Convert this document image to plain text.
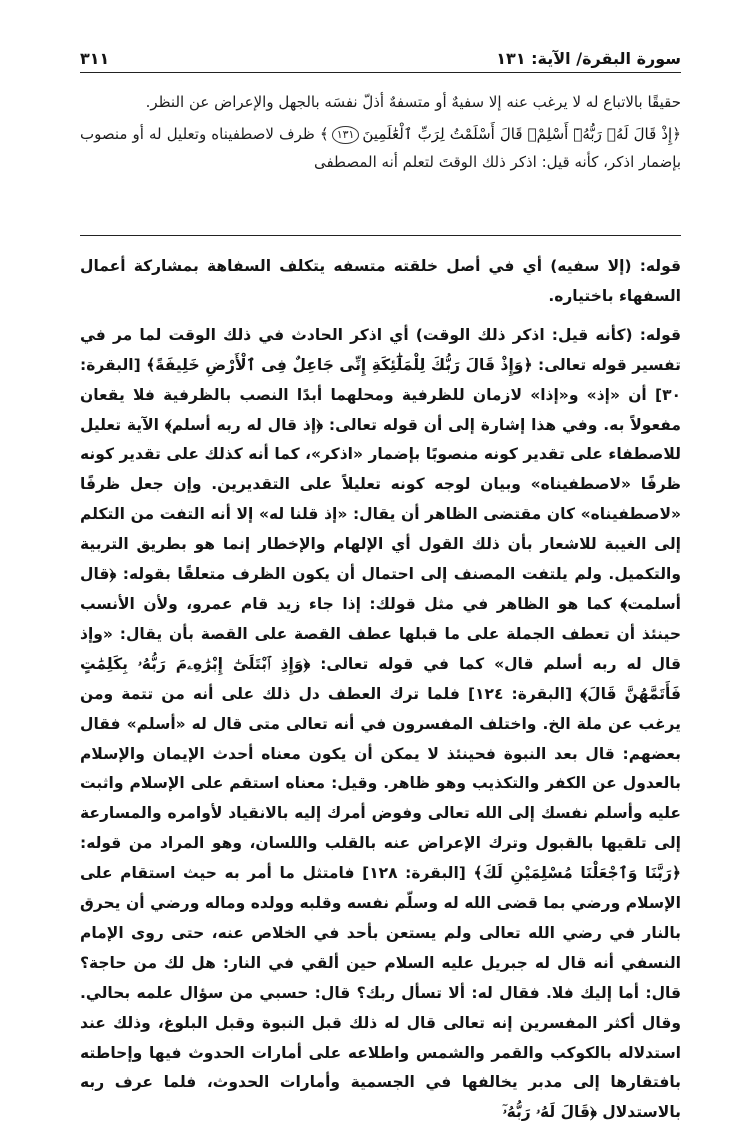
سورة البقرة/ الآية: ١٣١
٣١١

حقيقًا بالاتباع له لا يرغب عنه إلا سفيهٌ أو متسفهٌ أذلّ نفسَه بالجهل والإعراض عن النظر.

﴿إِذْ قَالَ لَهُۥ رَبُّهُۥٓ أَسْلِمْۖ قَالَ أَسْلَمْتُ لِرَبِّ ٱلْعَٰلَمِينَ١٣١﴾ ظرف لاصطفيناه وتعليل له أو منصوب بإضمار اذكر، كأنه قيل: اذكر ذلك الوقتَ لتعلم أنه المصطفى

قوله: (إلا سفيه) أي في أصل خلقته متسفه يتكلف السفاهة بمشاركة أعمال السفهاء باختياره.

قوله: (كأنه قيل: اذكر ذلك الوقت) أي اذكر الحادث في ذلك الوقت لما مر في تفسير قوله تعالى: ﴿وَإِذْ قَالَ رَبُّكَ لِلْمَلَٰٓئِكَةِ إِنِّى جَاعِلٌ فِى ٱلْأَرْضِ خَلِيفَةً﴾ [البقرة: ٣٠] أن «إذ» و«إذا» لازمان للظرفية ومحلهما أبدًا النصب بالظرفية فلا يقعان مفعولاً به. وفي هذا إشارة إلى أن قوله تعالى: ﴿إذ قال له ربه أسلم﴾ الآية تعليل للاصطفاء على تقدير كونه منصوبًا بإضمار «اذكر»، كما أنه كذلك على تقدير كونه ظرفًا «لاصطفيناه» وبيان لوجه كونه تعليلاً على التقديرين. وإن جعل ظرفًا «لاصطفيناه» كان مقتضى الظاهر أن يقال: «إذ قلنا له» إلا أنه التفت من التكلم إلى الغيبة للاشعار بأن ذلك القول أي الإلهام والإخطار إنما هو بطريق التربية والتكميل. ولم يلتفت المصنف إلى احتمال أن يكون الظرف متعلقًا بقوله: ﴿قال أسلمت﴾ كما هو الظاهر في مثل قولك: إذا جاء زيد قام عمرو، ولأن الأنسب حينئذ أن تعطف الجملة على ما قبلها عطف القصة على القصة بأن يقال: «وإذ قال له ربه أسلم قال» كما في قوله تعالى: ﴿وَإِذِ ٱبْتَلَىٰٓ إِبْرَٰهِۦمَ رَبُّهُۥ بِكَلِمَٰتٍ فَأَتَمَّهُنَّ قَالَ﴾ [البقرة: ١٢٤] فلما ترك العطف دل ذلك على أنه من تتمة ومن يرغب عن ملة الخ. واختلف المفسرون في أنه تعالى متى قال له «أسلم» فقال بعضهم: قال بعد النبوة فحينئذ لا يمكن أن يكون معناه أحدث الإيمان والإسلام بالعدول عن الكفر والتكذيب وهو ظاهر. وقيل: معناه استقم على الإسلام واثبت عليه وأسلم نفسك إلى الله تعالى وفوض أمرك إليه بالانقياد لأوامره والمسارعة إلى تلقيها بالقبول وترك الإعراض عنه بالقلب واللسان، وهو المراد من قوله: ﴿رَبَّنَا وَٱجْعَلْنَا مُسْلِمَيْنِ لَكَ﴾ [البقرة: ١٢٨] فامتثل ما أمر به حيث استقام على الإسلام ورضي بما قضى الله له وسلّم نفسه وقلبه وولده وماله ورضي أن يحرق بالنار في رضي الله تعالى ولم يستعن بأحد في الخلاص عنه، حتى روى الإمام النسفي أنه قال له جبريل عليه السلام حين ألقي في النار: هل لك من حاجة؟ قال: أما إليك فلا. فقال له: ألا تسأل ربك؟ قال: حسبي من سؤال علمه بحالي. وقال أكثر المفسرين إنه تعالى قال له ذلك قبل النبوة وقبل البلوغ، وذلك عند استدلاله بالكوكب والقمر والشمس واطلاعه على أمارات الحدوث فيها وإحاطته بافتقارها إلى مدبر يخالفها في الجسمية وأمارات الحدوث، فلما عرف ربه بالاستدلال ﴿قَالَ لَهُۥ رَبُّهُۥٓ
